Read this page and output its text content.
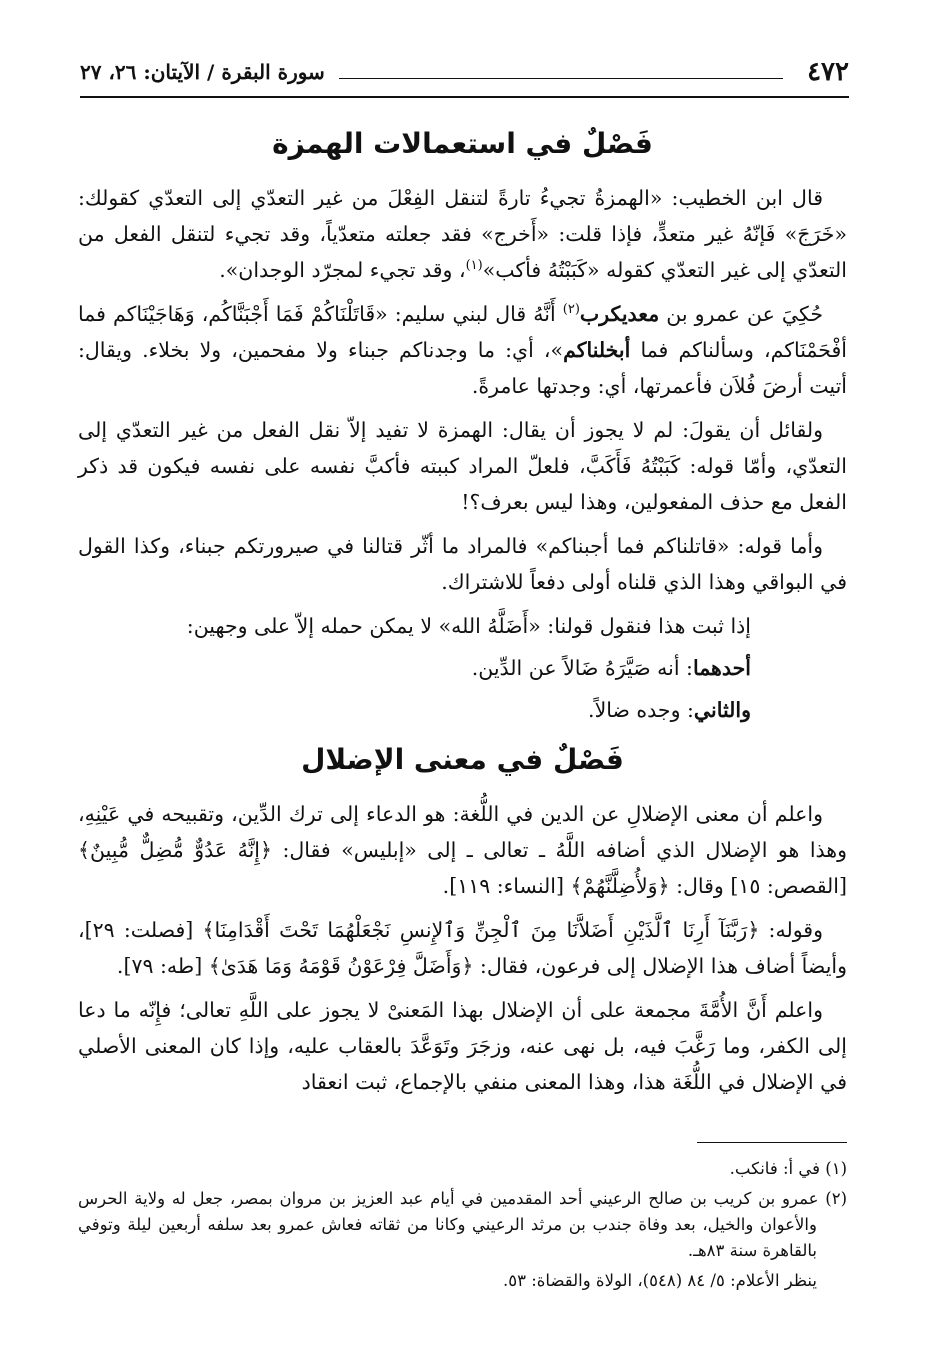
٤٧٢
سورة البقرة / الآيتان: ٢٦، ٢٧
فَصْلٌ في استعمالات الهمزة

قال ابن الخطيب: «الهمزةُ تجيءُ تارةً لتنقل الفِعْلَ من غير التعدّي إلى التعدّي كقولك: «خَرَجَ» فَإنّهُ غير متعدٍّ، فإذا قلت: «أَخرج» فقد جعلته متعدّياً، وقد تجيء لتنقل الفعل من التعدّي إلى غير التعدّي كقوله «كَبَبْتُهُ فأكب»$^{(١)}$، وقد تجيء لمجرّد الوجدان».

حُكِيَ عن عمرو بن معديكرب$^{(٢)}$ أَنَّهُ قال لبني سليم: «قَاتَلْنَاكُمْ فَمَا أَجْبَنَّاكُم، وَهَاجَيْنَاكم فما أفْحَمْنَاكم، وسألناكم فما أبخلناكم»، أي: ما وجدناكم جبناء ولا مفحمين، ولا بخلاء. ويقال: أتيت أرضَ فُلاَن فأعمرتها، أي: وجدتها عامرةً.

ولقائل أن يقولَ: لم لا يجوز أن يقال: الهمزة لا تفيد إلاّ نقل الفعل من غير التعدّي إلى التعدّي، وأمّا قوله: كَبَبْتُهُ فَأَكَبَّ، فلعلّ المراد كببته فأكبَّ نفسه على نفسه فيكون قد ذكر الفعل مع حذف المفعولين، وهذا ليس بعرف؟!

وأما قوله: «قاتلناكم فما أجبناكم» فالمراد ما أثّر قتالنا في صيرورتكم جبناء، وكذا القول في البواقي وهذا الذي قلناه أولى دفعاً للاشتراك.

إذا ثبت هذا فنقول قولنا: «أَضَلَّهُ الله» لا يمكن حمله إلاّ على وجهين:

أحدهما: أنه صَيَّرَهُ ضَالاً عن الدِّين.

والثاني: وجده ضالاً.

فَصْلٌ في معنى الإضلال

واعلم أن معنى الإضلالِ عن الدين في اللُّغة: هو الدعاء إلى ترك الدِّين، وتقبيحه في عَيْنِهِ، وهذا هو الإضلال الذي أضافه اللَّهُ ـ تعالى ـ إلى «إبليس» فقال: ﴿إِنَّهُ عَدُوٌّ مُّضِلٌّ مُّبِينٌ﴾ [القصص: ١٥] وقال: ﴿وَلأُضِلَّنَّهُمْ﴾ [النساء: ١١٩].

وقوله: ﴿رَبَّنَآ أَرِنَا ٱلَّذَيْنِ أَضَلاَّنَا مِنَ ٱلْجِنِّ وَٱلإِنسِ نَجْعَلْهُمَا تَحْتَ أَقْدَامِنَا﴾ [فصلت: ٢٩]، وأيضاً أضاف هذا الإضلال إلى فرعون، فقال: ﴿وَأَضَلَّ فِرْعَوْنُ قَوْمَهُ وَمَا هَدَىٰ﴾ [طه: ٧٩].

واعلم أَنَّ الأُمَّةَ مجمعة على أن الإضلال بهذا المَعنىْ لا يجوز على اللَّهِ تعالى؛ فإِنّه ما دعا إلى الكفر، وما رَغَّبَ فيه، بل نهى عنه، وزجَرَ وتَوَعَّدَ بالعقاب عليه، وإذا كان المعنى الأصلي في الإضلال في اللُّغَة هذا، وهذا المعنى منفي بالإجماع، ثبت انعقاد

(١) في أ: فانكب.

(٢) عمرو بن كريب بن صالح الرعيني أحد المقدمين في أيام عبد العزيز بن مروان بمصر، جعل له ولاية الحرس والأعوان والخيل، بعد وفاة جندب بن مرثد الرعيني وكانا من ثقاته فعاش عمرو بعد سلفه أربعين ليلة وتوفي بالقاهرة سنة ٨٣هـ.

ينظر الأعلام: ٥/ ٨٤ (٥٤٨)، الولاة والقضاة: ٥٣.
